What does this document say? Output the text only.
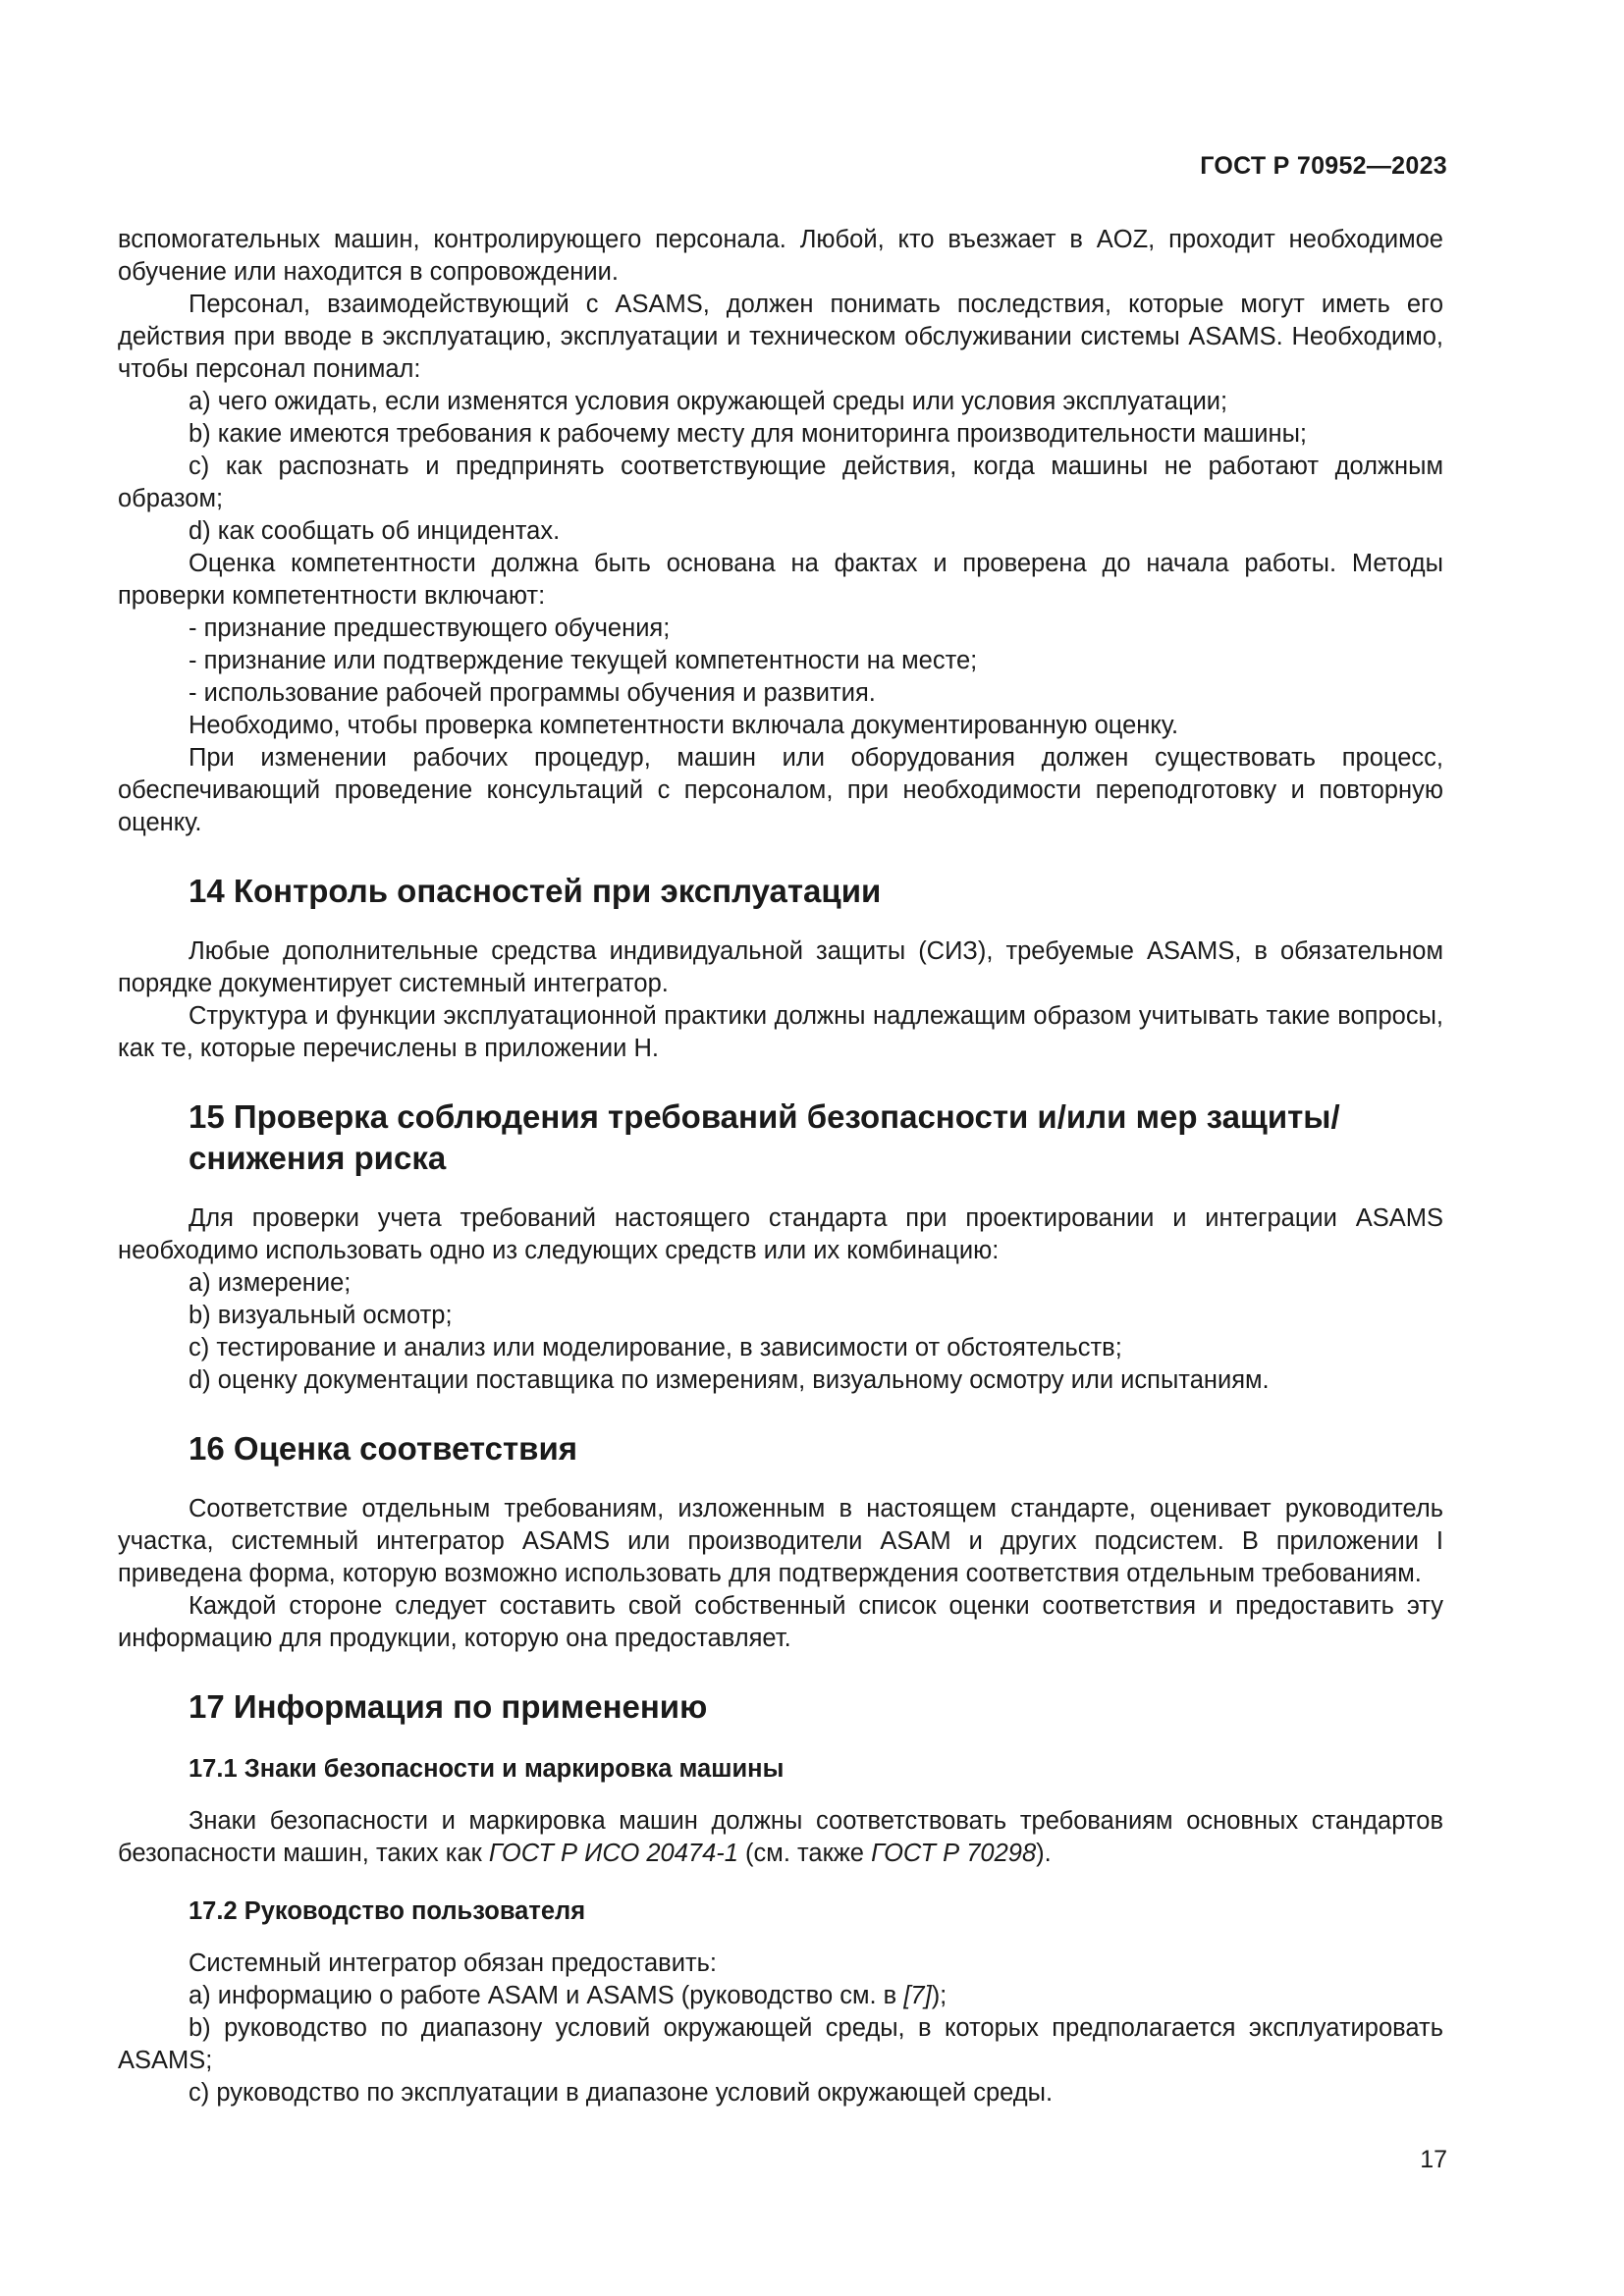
ГОСТ Р 70952—2023

вспомогательных машин, контролирующего персонала. Любой, кто въезжает в AOZ, проходит необходимое обучение или находится в сопровождении.

Персонал, взаимодействующий с ASAMS, должен понимать последствия, которые могут иметь его действия при вводе в эксплуатацию, эксплуатации и техническом обслуживании системы ASAMS. Необходимо, чтобы персонал понимал:

а) чего ожидать, если изменятся условия окружающей среды или условия эксплуатации;

b) какие имеются требования к рабочему месту для мониторинга производительности машины;

с) как распознать и предпринять соответствующие действия, когда машины не работают должным образом;

d) как сообщать об инцидентах.

Оценка компетентности должна быть основана на фактах и проверена до начала работы. Методы проверки компетентности включают:

- признание предшествующего обучения;

- признание или подтверждение текущей компетентности на месте;

- использование рабочей программы обучения и развития.

Необходимо, чтобы проверка компетентности включала документированную оценку.

При изменении рабочих процедур, машин или оборудования должен существовать процесс, обеспечивающий проведение консультаций с персоналом, при необходимости переподготовку и повторную оценку.

14 Контроль опасностей при эксплуатации

Любые дополнительные средства индивидуальной защиты (СИЗ), требуемые ASAMS, в обязательном порядке документирует системный интегратор.

Структура и функции эксплуатационной практики должны надлежащим образом учитывать такие вопросы, как те, которые перечислены в приложении Н.

15 Проверка соблюдения требований безопасности и/или мер защиты/ снижения риска

Для проверки учета требований настоящего стандарта при проектировании и интеграции ASAMS необходимо использовать одно из следующих средств или их комбинацию:

а) измерение;

b) визуальный осмотр;

с) тестирование и анализ или моделирование, в зависимости от обстоятельств;

d) оценку документации поставщика по измерениям, визуальному осмотру или испытаниям.

16 Оценка соответствия

Соответствие отдельным требованиям, изложенным в настоящем стандарте, оценивает руководитель участка, системный интегратор ASAMS или производители ASAM и других подсистем. В приложении I приведена форма, которую возможно использовать для подтверждения соответствия отдельным требованиям.

Каждой стороне следует составить свой собственный список оценки соответствия и предоставить эту информацию для продукции, которую она предоставляет.

17 Информация по применению
17.1 Знаки безопасности и маркировка машины

Знаки безопасности и маркировка машин должны соответствовать требованиям основных стандартов безопасности машин, таких как ГОСТ Р ИСО 20474-1 (см. также ГОСТ Р 70298).

17.2 Руководство пользователя

Системный интегратор обязан предоставить:

а) информацию о работе ASAM и ASAMS (руководство см. в [7]);

b) руководство по диапазону условий окружающей среды, в которых предполагается эксплуатировать ASAMS;

с) руководство по эксплуатации в диапазоне условий окружающей среды.

17
